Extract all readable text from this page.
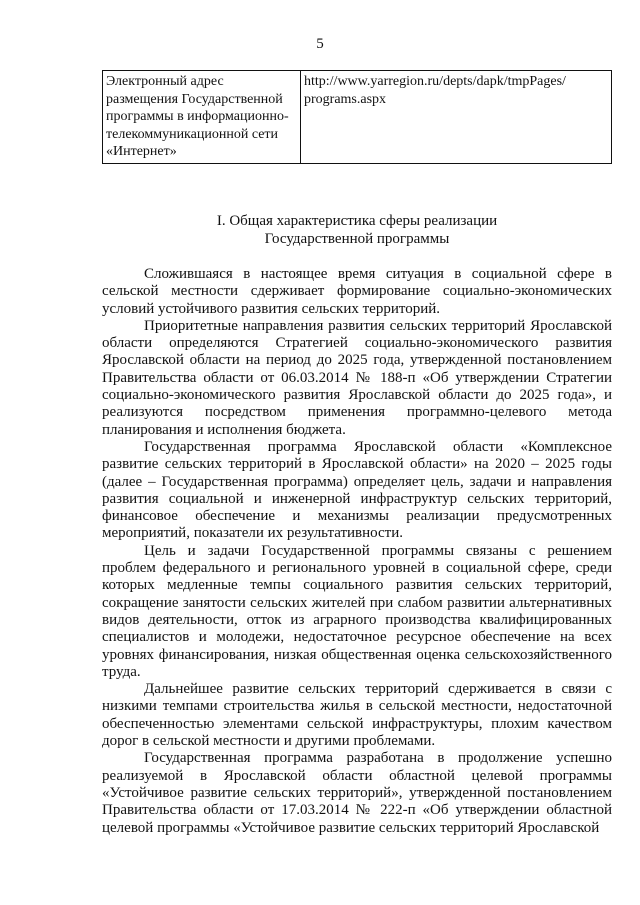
5
Электронный адрес размещения Государственной программы в информационно-телекоммуникационной сети «Интернет»	http://www.yarregion.ru/depts/dapk/tmpPages/ programs.aspx
I. Общая характеристика сферы реализации
Государственной программы

Сложившаяся в настоящее время ситуация в социальной сфере в сельской местности сдерживает формирование социально-экономических условий устойчивого развития сельских территорий.

Приоритетные направления развития сельских территорий Ярославской области определяются Стратегией социально-экономического развития Ярославской области на период до 2025 года, утвержденной постановлением Правительства области от 06.03.2014 № 188-п «Об утверждении Стратегии социально-экономического развития Ярославской области до 2025 года», и реализуются посредством применения программно-целевого метода планирования и исполнения бюджета.

Государственная программа Ярославской области «Комплексное развитие сельских территорий в Ярославской области» на 2020 – 2025 годы (далее – Государственная программа) определяет цель, задачи и направления развития социальной и инженерной инфраструктур сельских территорий, финансовое обеспечение и механизмы реализации предусмотренных мероприятий, показатели их результативности.

Цель и задачи Государственной программы связаны с решением проблем федерального и регионального уровней в социальной сфере, среди которых медленные темпы социального развития сельских территорий, сокращение занятости сельских жителей при слабом развитии альтернативных видов деятельности, отток из аграрного производства квалифицированных специалистов и молодежи, недостаточное ресурсное обеспечение на всех уровнях финансирования, низкая общественная оценка сельскохозяйственного труда.

Дальнейшее развитие сельских территорий сдерживается в связи с низкими темпами строительства жилья в сельской местности, недостаточной обеспеченностью элементами сельской инфраструктуры, плохим качеством дорог в сельской местности и другими проблемами.

Государственная программа разработана в продолжение успешно реализуемой в Ярославской области областной целевой программы «Устойчивое развитие сельских территорий», утвержденной постановлением Правительства области от 17.03.2014 № 222-п «Об утверждении областной целевой программы «Устойчивое развитие сельских территорий Ярославской
